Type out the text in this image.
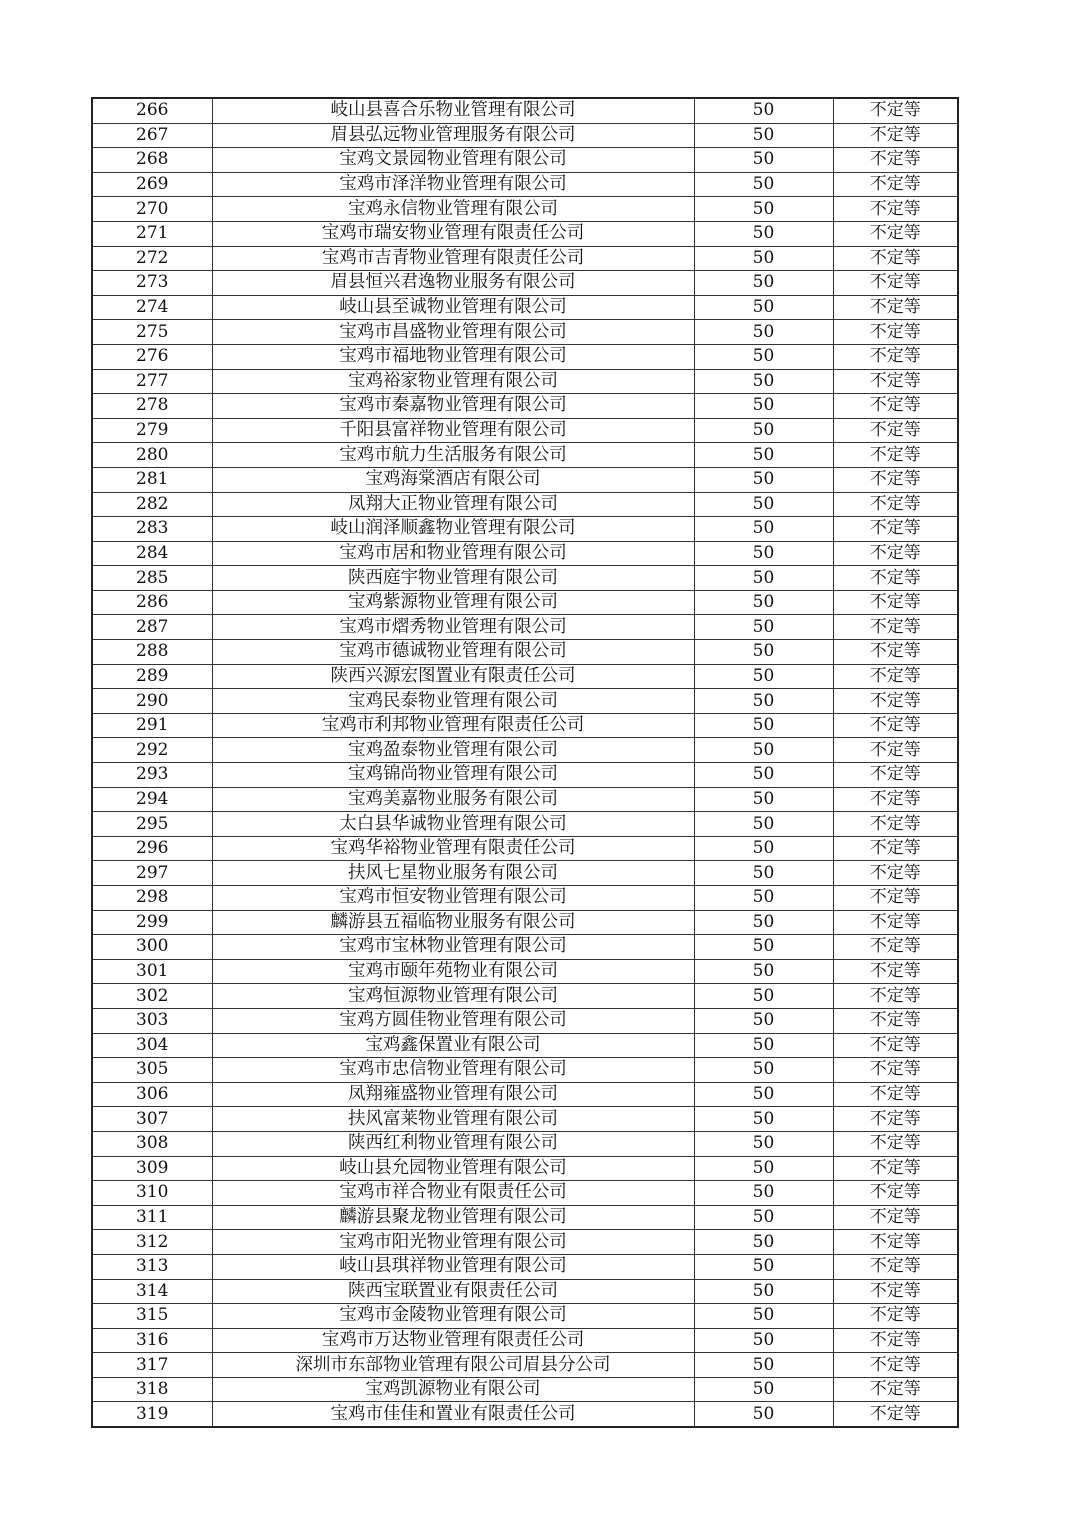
266	岐山县喜合乐物业管理有限公司	50	不定等
267	眉县弘远物业管理服务有限公司	50	不定等
268	宝鸡文景园物业管理有限公司	50	不定等
269	宝鸡市泽洋物业管理有限公司	50	不定等
270	宝鸡永信物业管理有限公司	50	不定等
271	宝鸡市瑞安物业管理有限责任公司	50	不定等
272	宝鸡市吉青物业管理有限责任公司	50	不定等
273	眉县恒兴君逸物业服务有限公司	50	不定等
274	岐山县至诚物业管理有限公司	50	不定等
275	宝鸡市昌盛物业管理有限公司	50	不定等
276	宝鸡市福地物业管理有限公司	50	不定等
277	宝鸡裕家物业管理有限公司	50	不定等
278	宝鸡市秦嘉物业管理有限公司	50	不定等
279	千阳县富祥物业管理有限公司	50	不定等
280	宝鸡市航力生活服务有限公司	50	不定等
281	宝鸡海棠酒店有限公司	50	不定等
282	凤翔大正物业管理有限公司	50	不定等
283	岐山润泽顺鑫物业管理有限公司	50	不定等
284	宝鸡市居和物业管理有限公司	50	不定等
285	陕西庭宇物业管理有限公司	50	不定等
286	宝鸡紫源物业管理有限公司	50	不定等
287	宝鸡市熠秀物业管理有限公司	50	不定等
288	宝鸡市德诚物业管理有限公司	50	不定等
289	陕西兴源宏图置业有限责任公司	50	不定等
290	宝鸡民泰物业管理有限公司	50	不定等
291	宝鸡市利邦物业管理有限责任公司	50	不定等
292	宝鸡盈泰物业管理有限公司	50	不定等
293	宝鸡锦尚物业管理有限公司	50	不定等
294	宝鸡美嘉物业服务有限公司	50	不定等
295	太白县华诚物业管理有限公司	50	不定等
296	宝鸡华裕物业管理有限责任公司	50	不定等
297	扶风七星物业服务有限公司	50	不定等
298	宝鸡市恒安物业管理有限公司	50	不定等
299	麟游县五福临物业服务有限公司	50	不定等
300	宝鸡市宝林物业管理有限公司	50	不定等
301	宝鸡市颐年苑物业有限公司	50	不定等
302	宝鸡恒源物业管理有限公司	50	不定等
303	宝鸡方圆佳物业管理有限公司	50	不定等
304	宝鸡鑫保置业有限公司	50	不定等
305	宝鸡市忠信物业管理有限公司	50	不定等
306	凤翔雍盛物业管理有限公司	50	不定等
307	扶风富莱物业管理有限公司	50	不定等
308	陕西红利物业管理有限公司	50	不定等
309	岐山县允园物业管理有限公司	50	不定等
310	宝鸡市祥合物业有限责任公司	50	不定等
311	麟游县聚龙物业管理有限公司	50	不定等
312	宝鸡市阳光物业管理有限公司	50	不定等
313	岐山县琪祥物业管理有限公司	50	不定等
314	陕西宝联置业有限责任公司	50	不定等
315	宝鸡市金陵物业管理有限公司	50	不定等
316	宝鸡市万达物业管理有限责任公司	50	不定等
317	深圳市东部物业管理有限公司眉县分公司	50	不定等
318	宝鸡凯源物业有限公司	50	不定等
319	宝鸡市佳佳和置业有限责任公司	50	不定等
